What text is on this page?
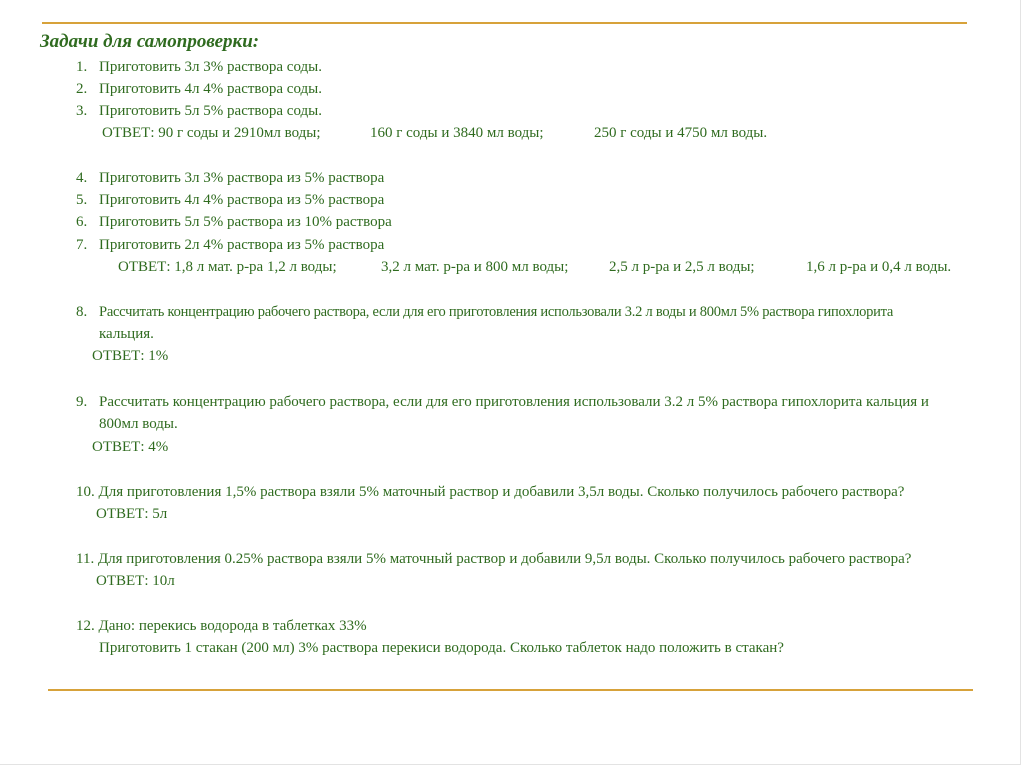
Задачи для самопроверки:
1. Приготовить 3л 3% раствора соды.
2. Приготовить 4л 4% раствора соды.
3. Приготовить 5л 5% раствора соды.
ОТВЕТ: 90 г соды и 2910мл воды;	160 г соды и 3840 мл воды;	250 г соды и 4750 мл воды.
4. Приготовить 3л 3% раствора из 5% раствора
5. Приготовить 4л 4% раствора из 5% раствора
6. Приготовить 5л 5% раствора из 10% раствора
7. Приготовить 2л 4% раствора из 5% раствора
ОТВЕТ: 1,8 л мат. р-ра 1,2 л воды;	3,2 л мат. р-ра и 800 мл воды;	2,5 л р-ра и 2,5 л воды;	1,6 л р-ра и 0,4 л воды.
8. Рассчитать концентрацию рабочего раствора, если для его приготовления использовали 3.2 л воды и 800мл 5% раствора гипохлорита
кальция.
ОТВЕТ: 1%
9. Рассчитать концентрацию рабочего раствора, если для его приготовления использовали 3.2 л 5% раствора гипохлорита кальция и
800мл воды.
ОТВЕТ: 4%
10. Для приготовления 1,5% раствора взяли 5% маточный раствор и добавили 3,5л воды. Сколько получилось рабочего раствора?
ОТВЕТ: 5л
11. Для приготовления 0.25% раствора взяли 5% маточный раствор и добавили 9,5л воды. Сколько получилось рабочего раствора?
ОТВЕТ: 10л
12. Дано: перекись водорода в таблетках 33%
Приготовить 1 стакан (200 мл) 3% раствора перекиси водорода. Сколько таблеток надо положить в стакан?
